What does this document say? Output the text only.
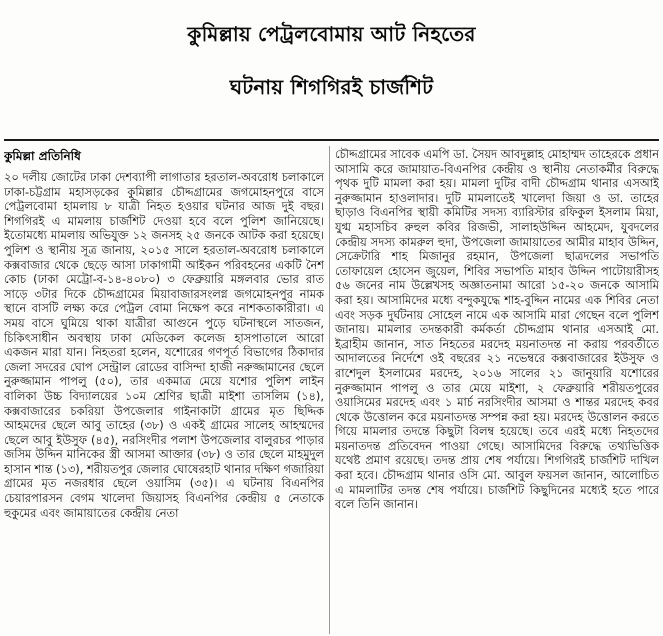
কুমিল্লায় পেট্রলবোমায় আট নিহতের
ঘটনায় শিগগিরই চার্জশিট
কুমিল্লা প্রতিনিধি

২০ দলীয় জোটের ঢাকা দেশব্যাপী লাগাতার হরতাল-অবরোধ চলাকালে ঢাকা-চট্টগ্রাম মহাসড়কের কুমিল্লার চৌদ্দগ্রামের জগমোহনপুরে বাসে পেট্রলবোমা হামলায় ৮ যাত্রী নিহত হওয়ার ঘটনার আজ দুই বছর। শিগগিরই এ মামলায় চার্জশিট দেওয়া হবে বলে পুলিশ জানিয়েছে। ইতোমধ্যে মামলায় অভিযুক্ত ১২ জনসহ ২৫ জনকে আটক করা হয়েছে। পুলিশ ও স্থানীয় সূত্র জানায়, ২০১৫ সালে হরতাল-অবরোধ চলাকালে কক্সবাজার থেকে ছেড়ে আসা ঢাকাগামী আইকন পরিবহনের একটি নৈশ কোচ (ঢাকা মেট্রো-ব-১৪-৪০৮০) ৩ ফেব্রুয়ারি মঙ্গলবার ভোর রাত সাড়ে ৩টার দিকে চৌদ্দগ্রামের মিয়াবাজারসংলগ্ন জগমোহনপুর নামক স্থানে বাসটি লক্ষ্য করে পেট্রল বোমা নিক্ষেপ করে নাশকতাকারীরা। এ সময় বাসে ঘুমিয়ে থাকা যাত্রীরা আগুনে পুড়ে ঘটনাস্থলে সাতজন, চিকিৎসাধীন অবস্থায় ঢাকা মেডিকেল কলেজ হাসপাতালে আরো একজন মারা যান। নিহতরা হলেন, যশোরের গণপূর্ত বিভাগের ঠিকাদার জেলা সদরের ঘোপ সেন্ট্রাল রোডের বাসিন্দা হাজী নরুজ্জামানের ছেলে নুরুজ্জামান পাপলু (৫০), তার একমাত্র মেয়ে যশোর পুলিশ লাইন বালিকা উচ্চ বিদ্যালয়ের ১০ম শ্রেণির ছাত্রী মাইশা তাসলিম (১৪), কক্সবাজারের চকরিয়া উপজেলার গাইনাকাটা গ্রামের মৃত ছিদ্দিক আহমদের ছেলে আবু তাহের (৩৮) ও একই গ্রামের সালেহ আহম্মদের ছেলে আবু ইউসুফ (৪৫), নরসিংদীর পলাশ উপজেলার বালুরচর পাড়ার জসিম উদ্দিন মানিকের স্ত্রী আসমা আক্তার (৩৮) ও তার ছেলে মাহমুদুল হাসান শান্ত (১৩), শরীয়তপুর জেলার ঘোষেরহাট থানার দক্ষিণ গজারিয়া গ্রামের মৃত নজরধার ছেলে ওয়াসিম (৩৫)। এ ঘটনায় বিএনপির চেয়ারপারসন বেগম খালেদা জিয়াসহ বিএনপির কেন্দ্রীয় ৫ নেতাকে হুকুমের এবং জামায়াতের কেন্দ্রীয় নেতা

চৌদ্দগ্রামের সাবেক এমপি ডা. সৈয়দ আবদুল্লাহ মোহাম্মদ তাহেরকে প্রধান আসামি করে জামায়াত-বিএনপির কেন্দ্রীয় ও স্থানীয় নেতাকর্মীর বিরুদ্ধে পৃথক দুটি মামলা করা হয়। মামলা দুটির বাদী চৌদ্দগ্রাম থানার এসআই নুরুজ্জামান হাওলাদার। দুটি মামলাতেই খালেদা জিয়া ও ডা. তাহের ছাড়াও বিএনপির স্থায়ী কমিটির সদস্য ব্যারিস্টার রফিকুল ইসলাম মিয়া, যুগ্ম মহাসচিব রুহুল কবির রিজভী, সালাহউদ্দিন আহমেদ, যুবদলের কেন্দ্রীয় সদস্য কামরুল হুদা, উপজেলা জামায়াতের আমীর মাহাব উদ্দিন, সেক্রেটারি শাহ মিজানুর রহমান, উপজেলা ছাত্রদলের সভাপতি তোফায়েল হোসেন জুয়েল, শিবির সভাপতি মাহাব উদ্দিন পাটোয়ারীসহ ৫৬ জনের নাম উল্লেখসহ অজ্ঞাতনামা আরো ১৫-২০ জনকে আসামি করা হয়। আসামিদের মধ্যে বন্দুকযুদ্ধে শাহ-বুদ্দিন নামের এক শিবির নেতা এবং সড়ক দুর্ঘটনায় সোহেল নামে এক আসামি মারা গেছেন বলে পুলিশ জানায়। মামলার তদন্তকারী কর্মকর্তা চৌদ্দগ্রাম থানার এসআই মো. ইব্রাহীম জানান, সাত নিহতের মরদেহ ময়নাতদন্ত না করায় পরবর্তীতে আদালতের নির্দেশে ওই বছরের ২১ নভেম্বরে কক্সবাজারের ইউসুফ ও রাশেদুল ইসলামের মরদেহ, ২০১৬ সালের ২১ জানুয়ারি যশোরের নুরুজ্জামান পাপলু ও তার মেয়ে মাইশা, ২ ফেব্রুয়ারি শরীয়তপুরের ওয়াসিমের মরদেহ এবং ১ মার্চ নরসিংদীর আসমা ও শান্তর মরদেহ কবর থেকে উত্তোলন করে ময়নাতদন্ত সম্পন্ন করা হয়। মরদেহ উত্তোলন করতে গিয়ে মামলার তদন্তে কিছুটা বিলম্ব হয়েছে। তবে এরই মধ্যে নিহতদের ময়নাতদন্ত প্রতিবেদন পাওয়া গেছে। আসামিদের বিরুদ্ধে তথ্যভিত্তিক যথেষ্ট প্রমাণ রয়েছে। তদন্ত প্রায় শেষ পর্যায়ে। শিগগিরই চার্জশিট দাখিল করা হবে। চৌদ্দগ্রাম থানার ওসি মো. আবুল ফয়সল জানান, আলোচিত এ মামলাটির তদন্ত শেষ পর্যায়ে। চার্জশিট কিছুদিনের মধ্যেই হতে পারে বলে তিনি জানান।
